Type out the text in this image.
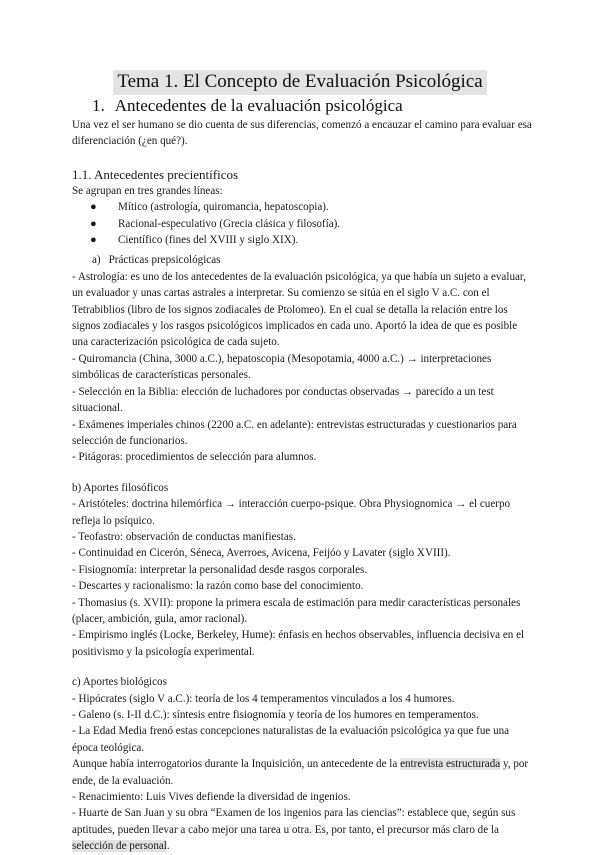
Tema 1. El Concepto de Evaluación Psicológica
1. Antecedentes de la evaluación psicológica

Una vez el ser humano se dio cuenta de sus diferencias, comenzó a encauzar el camino para evaluar esa diferenciación (¿en qué?).

1.1. Antecedentes precientíficos

Se agrupan en tres grandes líneas:

● Mítico (astrología, quiromancia, hepatoscopia).
● Racional-especulativo (Grecia clásica y filosofía).
● Científico (fines del XVIII y siglo XIX).
a) Prácticas prepsicológicas

- Astrología: es uno de los antecedentes de la evaluación psicológica, ya que había un sujeto a evaluar, un evaluador y unas cartas astrales a interpretar. Su comienzo se sitúa en el siglo V a.C. con el Tetrabiblios (libro de los signos zodiacales de Ptolomeo). En el cual se detalla la relación entre los signos zodiacales y los rasgos psicológicos implicados en cada uno. Aportó la idea de que es posible una caracterización psicológica de cada sujeto.

- Quiromancia (China, 3000 a.C.), hepatoscopia (Mesopotamia, 4000 a.C.) → interpretaciones simbólicas de características personales.

- Selección en la Biblia: elección de luchadores por conductas observadas → parecido a un test situacional.

- Exámenes imperiales chinos (2200 a.C. en adelante): entrevistas estructuradas y cuestionarios para selección de funcionarios.

- Pitágoras: procedimientos de selección para alumnos.

b) Aportes filosóficos

- Aristóteles: doctrina hilemórfica → interacción cuerpo-psique. Obra Physiognomica → el cuerpo refleja lo psíquico.

- Teofastro: observación de conductas manifiestas.

- Continuidad en Cicerón, Séneca, Averroes, Avicena, Feijóo y Lavater (siglo XVIII).

- Fisiognomía: interpretar la personalidad desde rasgos corporales.

- Descartes y racionalismo: la razón como base del conocimiento.

- Thomasius (s. XVII): propone la primera escala de estimación para medir características personales (placer, ambición, gula, amor racional).

- Empirismo inglés (Locke, Berkeley, Hume): énfasis en hechos observables, influencia decisiva en el positivismo y la psicología experimental.

c) Aportes biológicos

- Hipócrates (siglo V a.C.): teoría de los 4 temperamentos vinculados a los 4 humores.

- Galeno (s. I-II d.C.): síntesis entre fisiognomía y teoría de los humores en temperamentos.

- La Edad Media frenó estas concepciones naturalistas de la evaluación psicológica ya que fue una época teológica.

Aunque había interrogatorios durante la Inquisición, un antecedente de la entrevista estructurada y, por ende, de la evaluación.

- Renacimiento: Luis Vives defiende la diversidad de ingenios.

- Huarte de San Juan y su obra “Examen de los ingenios para las ciencias”: establece que, según sus aptitudes, pueden llevar a cabo mejor una tarea u otra. Es, por tanto, el precursor más claro de la selección de personal.
